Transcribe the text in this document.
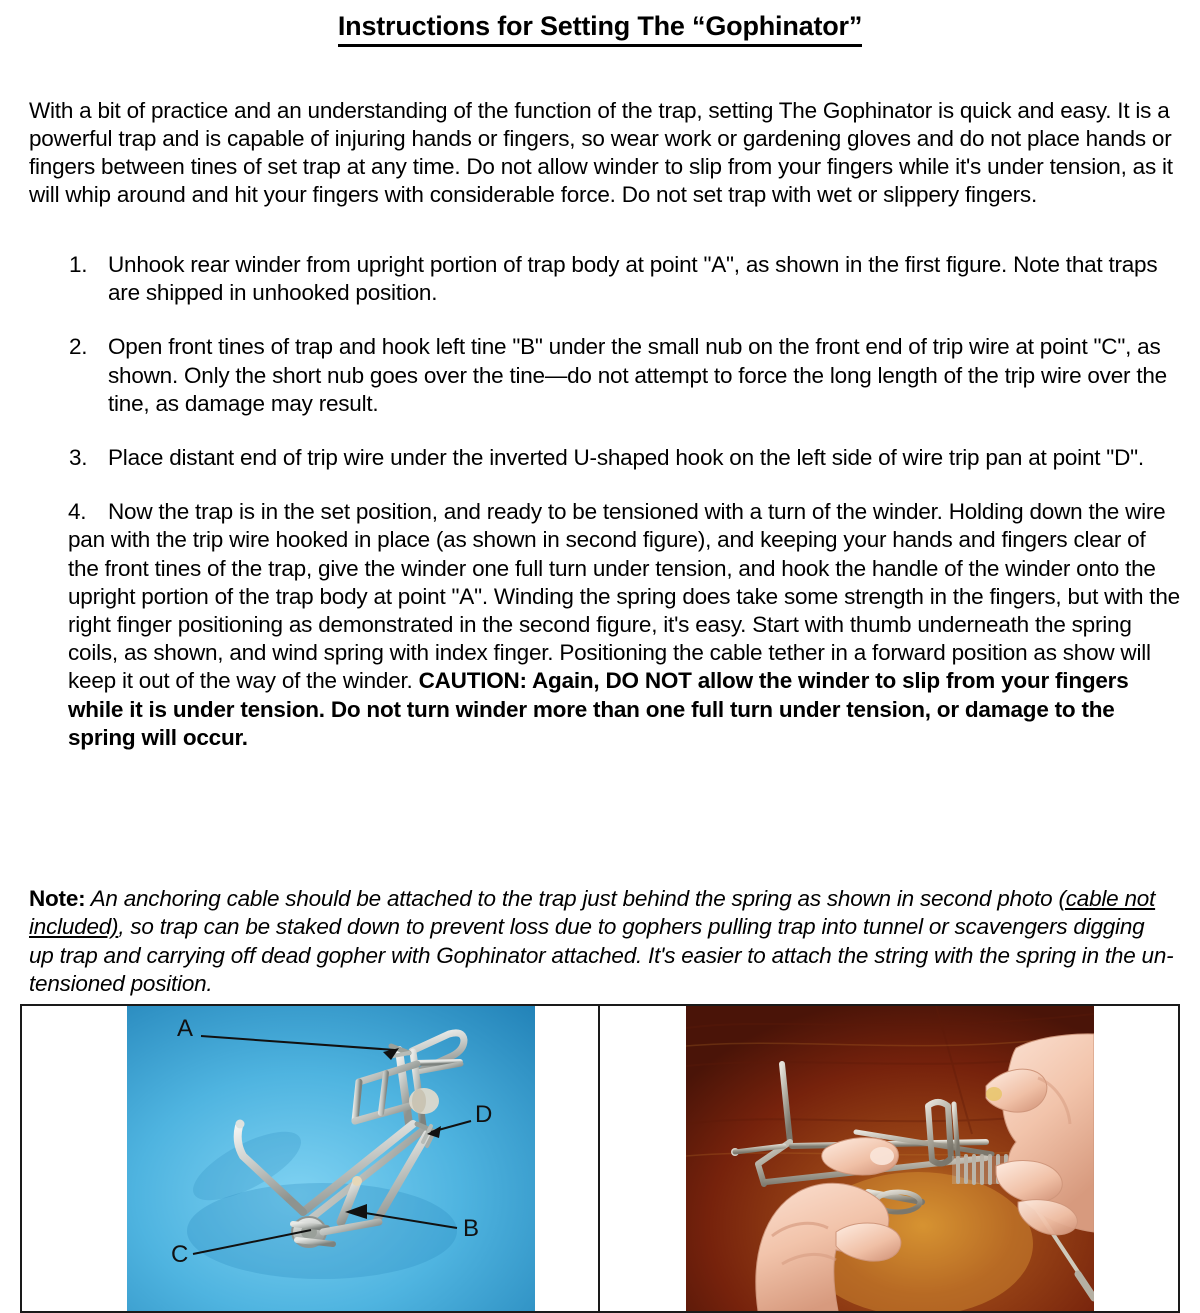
Instructions for Setting The “Gophinator”

With a bit of practice and an understanding of the function of the trap, setting The Gophinator is quick and easy. It is a powerful trap and is capable of injuring hands or fingers, so wear work or gardening gloves and do not place hands or fingers between tines of set trap at any time. Do not allow winder to slip from your fingers while it's under tension, as it will whip around and hit your fingers with considerable force. Do not set trap with wet or slippery fingers.

1. Unhook rear winder from upright portion of trap body at point "A", as shown in the first figure. Note that traps are shipped in unhooked position.
2. Open front tines of trap and hook left tine "B" under the small nub on the front end of trip wire at point "C", as shown. Only the short nub goes over the tine—do not attempt to force the long length of the trip wire over the tine, as damage may result.
3. Place distant end of trip wire under the inverted U-shaped hook on the left side of wire trip pan at point "D".
4. Now the trap is in the set position, and ready to be tensioned with a turn of the winder. Holding down the wire pan with the trip wire hooked in place (as shown in second figure), and keeping your hands and fingers clear of the front tines of the trap, give the winder one full turn under tension, and hook the handle of the winder onto the upright portion of the trap body at point "A". Winding the spring does take some strength in the fingers, but with the right finger positioning as demonstrated in the second figure, it's easy. Start with thumb underneath the spring coils, as shown, and wind spring with index finger. Positioning the cable tether in a forward position as show will keep it out of the way of the winder. CAUTION: Again, DO NOT allow the winder to slip from your fingers while it is under tension. Do not turn winder more than one full turn under tension, or damage to the spring will occur.

Note: An anchoring cable should be attached to the trap just behind the spring as shown in second photo (cable not included), so trap can be staked down to prevent loss due to gophers pulling trap into tunnel or scavengers digging up trap and carrying off dead gopher with Gophinator attached. It's easier to attach the string with the spring in the un-tensioned position.

A
D
B
C
